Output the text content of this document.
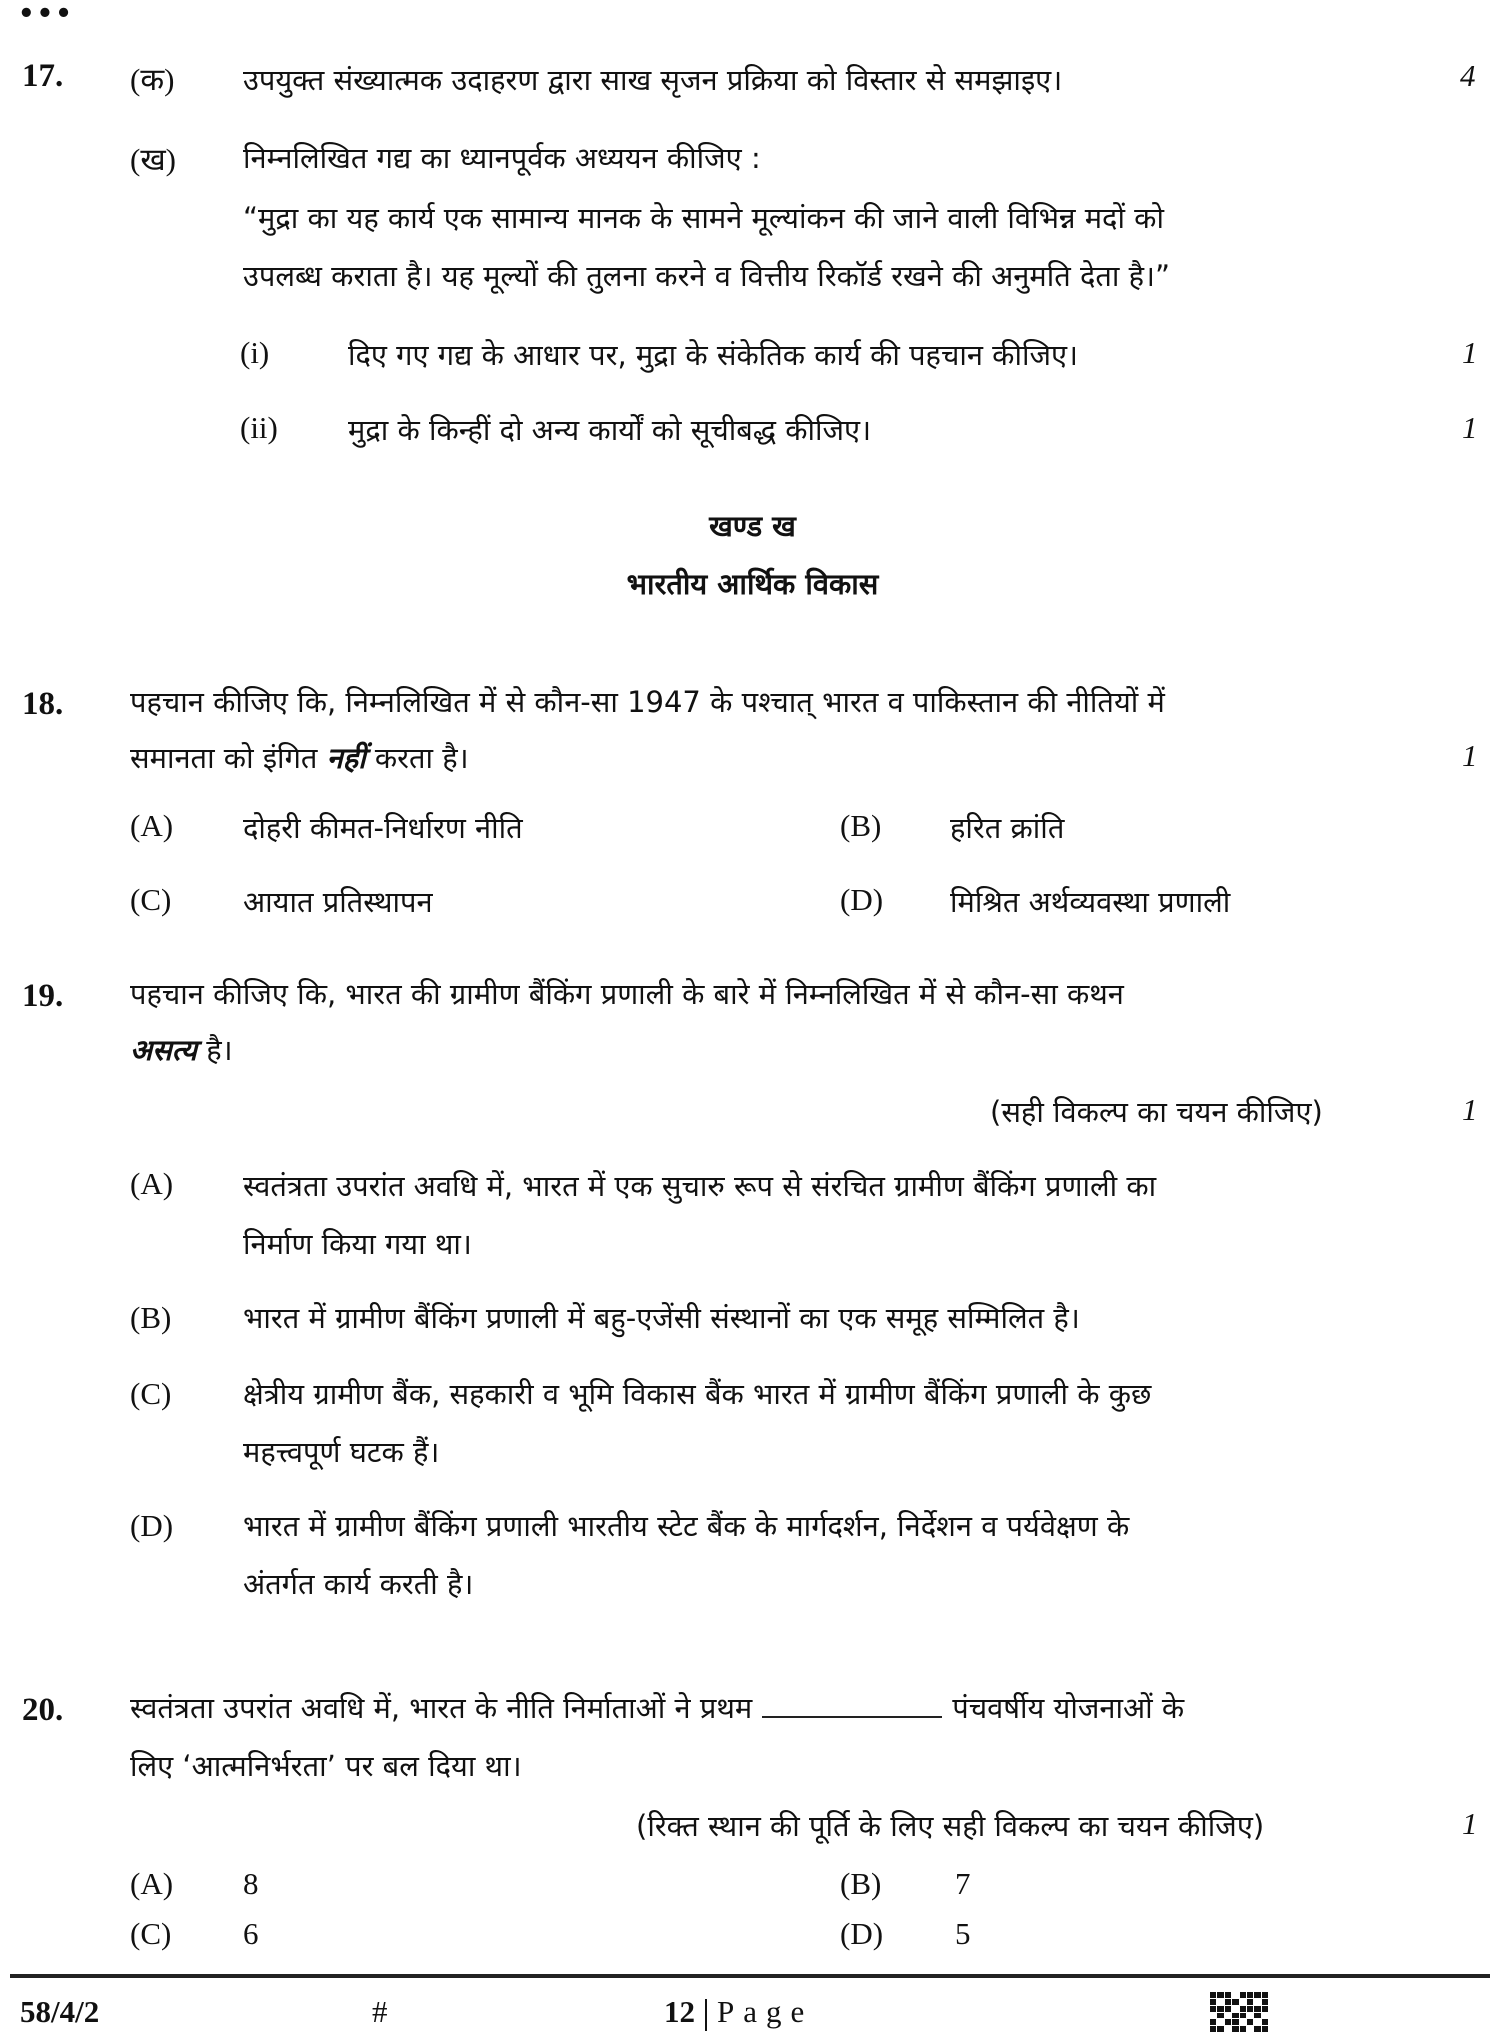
•••
17. (क) उपयुक्त संख्यात्मक उदाहरण द्वारा साख सृजन प्रक्रिया को विस्तार से समझाइए।	4
(ख) निम्नलिखित गद्य का ध्यानपूर्वक अध्ययन कीजिए :
“मुद्रा का यह कार्य एक सामान्य मानक के सामने मूल्यांकन की जाने वाली विभिन्न मदों को
उपलब्ध कराता है। यह मूल्यों की तुलना करने व वित्तीय रिकॉर्ड रखने की अनुमति देता है।”
(i)	दिए गए गद्य के आधार पर, मुद्रा के संकेतिक कार्य की पहचान कीजिए।	1
(ii) मुद्रा के किन्हीं दो अन्य कार्यों को सूचीबद्ध कीजिए।	1
खण्ड ख
भारतीय आर्थिक विकास
18. पहचान कीजिए कि, निम्नलिखित में से कौन-सा 1947 के पश्चात् भारत व पाकिस्तान की नीतियों में
समानता को इंगित नहीं करता है।	1
(A) दोहरी कीमत-निर्धारण नीति	(B) हरित क्रांति
(C) आयात प्रतिस्थापन	(D) मिश्रित अर्थव्यवस्था प्रणाली
19. पहचान कीजिए कि, भारत की ग्रामीण बैंकिंग प्रणाली के बारे में निम्नलिखित में से कौन-सा कथन
असत्य है।
(सही विकल्प का चयन कीजिए)	1
(A) स्वतंत्रता उपरांत अवधि में, भारत में एक सुचारु रूप से संरचित ग्रामीण बैंकिंग प्रणाली का
निर्माण किया गया था।
(B) भारत में ग्रामीण बैंकिंग प्रणाली में बहु-एजेंसी संस्थानों का एक समूह सम्मिलित है।
(C) क्षेत्रीय ग्रामीण बैंक, सहकारी व भूमि विकास बैंक भारत में ग्रामीण बैंकिंग प्रणाली के कुछ
महत्त्वपूर्ण घटक हैं।
(D) भारत में ग्रामीण बैंकिंग प्रणाली भारतीय स्टेट बैंक के मार्गदर्शन, निर्देशन व पर्यवेक्षण के
अंतर्गत कार्य करती है।
20. स्वतंत्रता उपरांत अवधि में, भारत के नीति निर्माताओं ने प्रथम	पंचवर्षीय योजनाओं के
लिए ‘आत्मनिर्भरता’ पर बल दिया था।
(रिक्त स्थान की पूर्ति के लिए सही विकल्प का चयन कीजिए)	1
(A) 8	(B) 7
(C) 6	(D) 5
58/4/2	#	12 Page
